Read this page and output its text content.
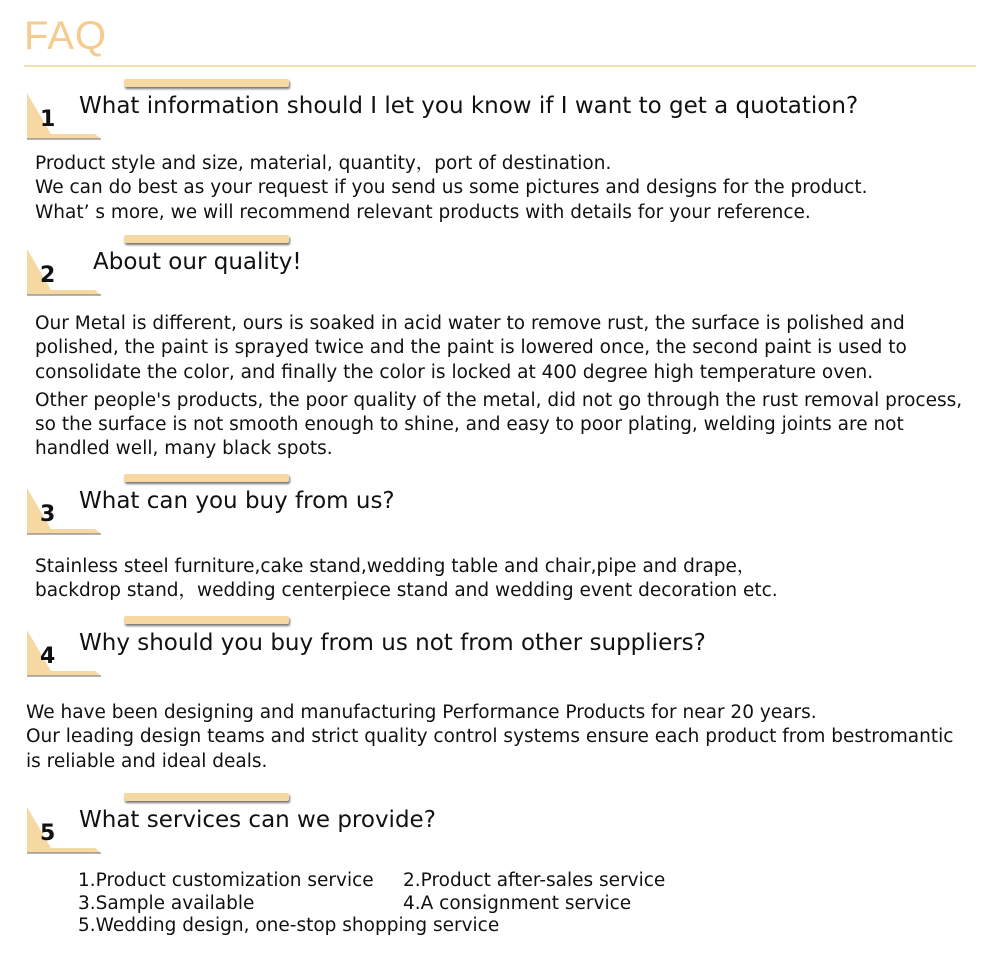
FAQ
1
What information should I let you know if I want to get a quotation?

Product style and size, material, quantity，port of destination.

We can do best as your request if you send us some pictures and designs for the product.

What’ s more, we will recommend relevant products with details for your reference.

2
About our quality!

Our Metal is different, ours is soaked in acid water to remove rust, the surface is polished and

polished, the paint is sprayed twice and the paint is lowered once, the second paint is used to

consolidate the color, and finally the color is locked at 400 degree high temperature oven.

Other people's products, the poor quality of the metal, did not go through the rust removal process,

so the surface is not smooth enough to shine, and easy to poor plating, welding joints are not

handled well, many black spots.

3
What can you buy from us?

Stainless steel furniture,cake stand,wedding table and chair,pipe and drape，

backdrop stand，wedding centerpiece stand and wedding event decoration etc.

4
Why should you buy from us not from other suppliers?

We have been designing and manufacturing Performance Products for near 20 years.

Our leading design teams and strict quality control systems ensure each product from bestromantic

is reliable and ideal deals.

5
What services can we provide?
1.Product customization service 2.Product after-sales service
3.Sample available	4.A consignment service
5.Wedding design, one-stop shopping service
